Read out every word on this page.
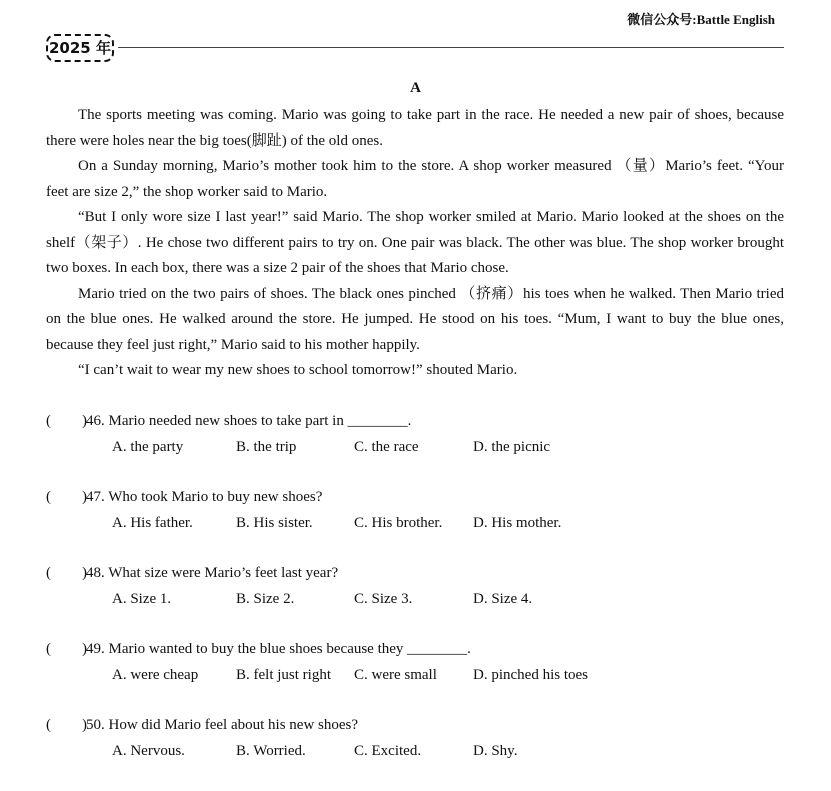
微信公众号:Battle English
2025 年
A

The sports meeting was coming. Mario was going to take part in the race. He needed a new pair of shoes, because there were holes near the big toes(脚趾) of the old ones.

On a Sunday morning, Mario’s mother took him to the store. A shop worker measured （量）Mario’s feet. “Your feet are size 2,” the shop worker said to Mario.

“But I only wore size I last year!” said Mario. The shop worker smiled at Mario. Mario looked at the shoes on the shelf（架子）. He chose two different pairs to try on. One pair was black. The other was blue. The shop worker brought two boxes. In each box, there was a size 2 pair of the shoes that Mario chose.

Mario tried on the two pairs of shoes. The black ones pinched （挤痛）his toes when he walked. Then Mario tried on the blue ones. He walked around the store. He jumped. He stood on his toes. “Mum, I want to buy the blue ones, because they feel just right,” Mario said to his mother happily.

“I can’t wait to wear my new shoes to school tomorrow!” shouted Mario.

( ) 46. Mario needed new shoes to take part in ________.
A. the party	B. the trip	C. the race	D. the picnic
( ) 47. Who took Mario to buy new shoes?
A. His father.	B. His sister.	C. His brother. D. His mother.
( ) 48. What size were Mario’s feet last year?
A. Size 1.	B. Size 2.	C. Size 3.	D. Size 4.
( ) 49. Mario wanted to buy the blue shoes because they ________.
A. were cheap	B. felt just right C. were small D. pinched his toes
( ) 50. How did Mario feel about his new shoes?
A. Nervous.	B. Worried.	C. Excited.	D. Shy.
